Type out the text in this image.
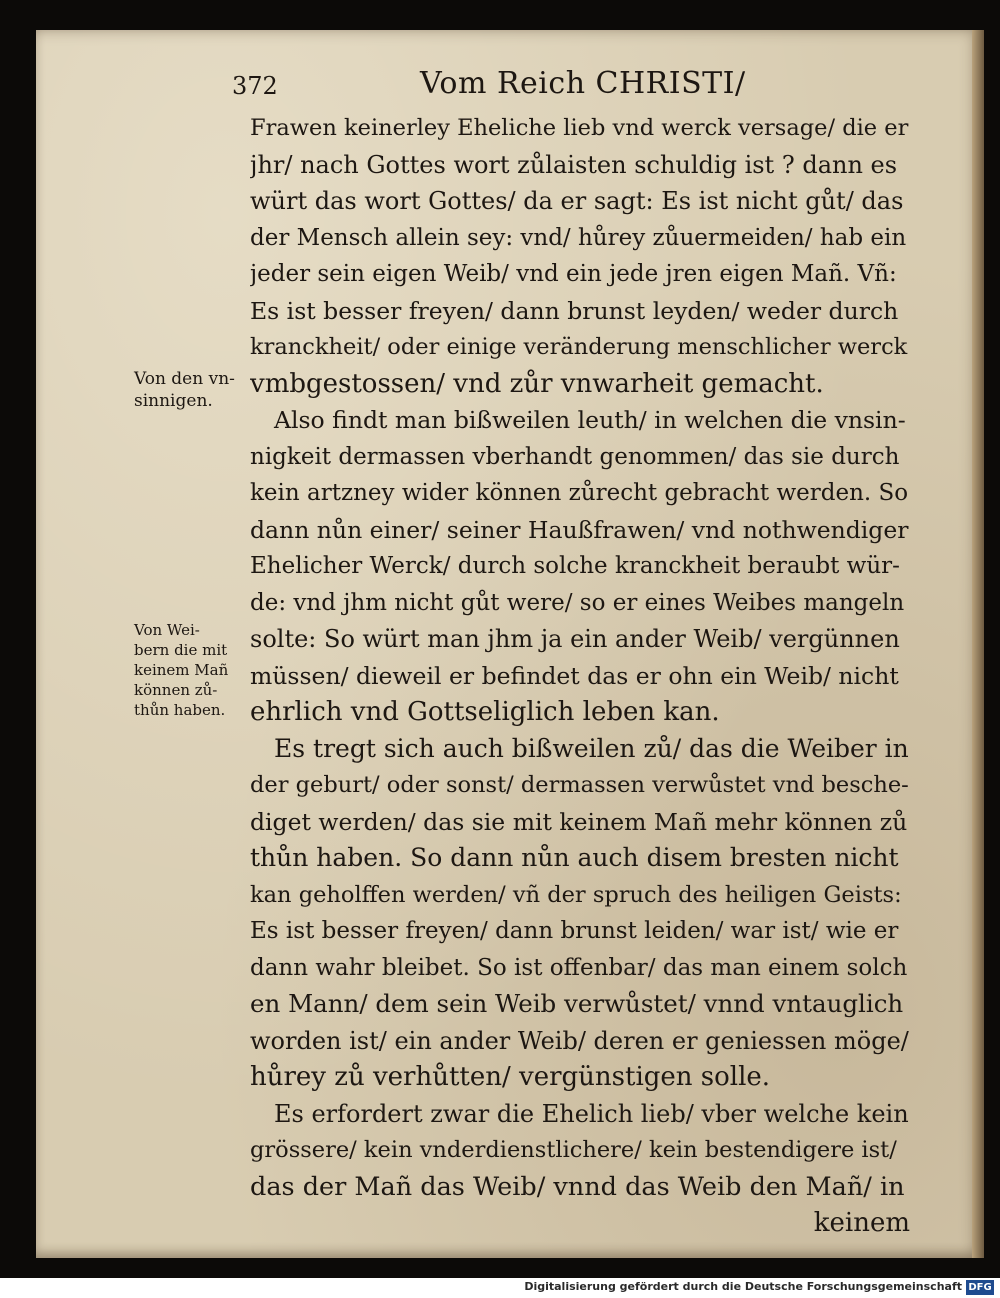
372	Vom Reich CHRISTI/
Von den vn-
sinnigen.
Von Wei-
bern die mit
keinem Mañ
können zů-
thůn haben.
Frawen keinerley Eheliche lieb vnd werck versage/ die er
jhr/ nach Gottes wort zůlaisten schuldig ist ? dann es
würt das wort Gottes/ da er sagt: Es ist nicht gůt/ das
der Mensch allein sey: vnd/ hůrey zůuermeiden/ hab ein
jeder sein eigen Weib/ vnd ein jede jren eigen Mañ. Vñ:
Es ist besser freyen/ dann brunst leyden/ weder durch
kranckheit/ oder einige veränderung menschlicher werck
vmbgestossen/ vnd zůr vnwarheit gemacht.
Also findt man bißweilen leuth/ in welchen die vnsin-
nigkeit dermassen vberhandt genommen/ das sie durch
kein artzney wider können zůrecht gebracht werden. So
dann nůn einer/ seiner Haußfrawen/ vnd nothwendiger
Ehelicher Werck/ durch solche kranckheit beraubt wür-
de: vnd jhm nicht gůt were/ so er eines Weibes mangeln
solte: So würt man jhm ja ein ander Weib/ vergünnen
müssen/ dieweil er befindet das er ohn ein Weib/ nicht
ehrlich vnd Gottseliglich leben kan.
Es tregt sich auch bißweilen zů/ das die Weiber in
der geburt/ oder sonst/ dermassen verwůstet vnd besche-
diget werden/ das sie mit keinem Mañ mehr können zů
thůn haben. So dann nůn auch disem bresten nicht
kan geholffen werden/ vñ der spruch des heiligen Geists:
Es ist besser freyen/ dann brunst leiden/ war ist/ wie er
dann wahr bleibet. So ist offenbar/ das man einem solch
en Mann/ dem sein Weib verwůstet/ vnnd vntauglich
worden ist/ ein ander Weib/ deren er geniessen möge/
hůrey zů verhůtten/ vergünstigen solle.
Es erfordert zwar die Ehelich lieb/ vber welche kein
grössere/ kein vnderdienstlichere/ kein bestendigere ist/
das der Mañ das Weib/ vnnd das Weib den Mañ/ in
keinem
Digitalisierung gefördert durch die Deutsche Forschungsgemeinschaft DFG
